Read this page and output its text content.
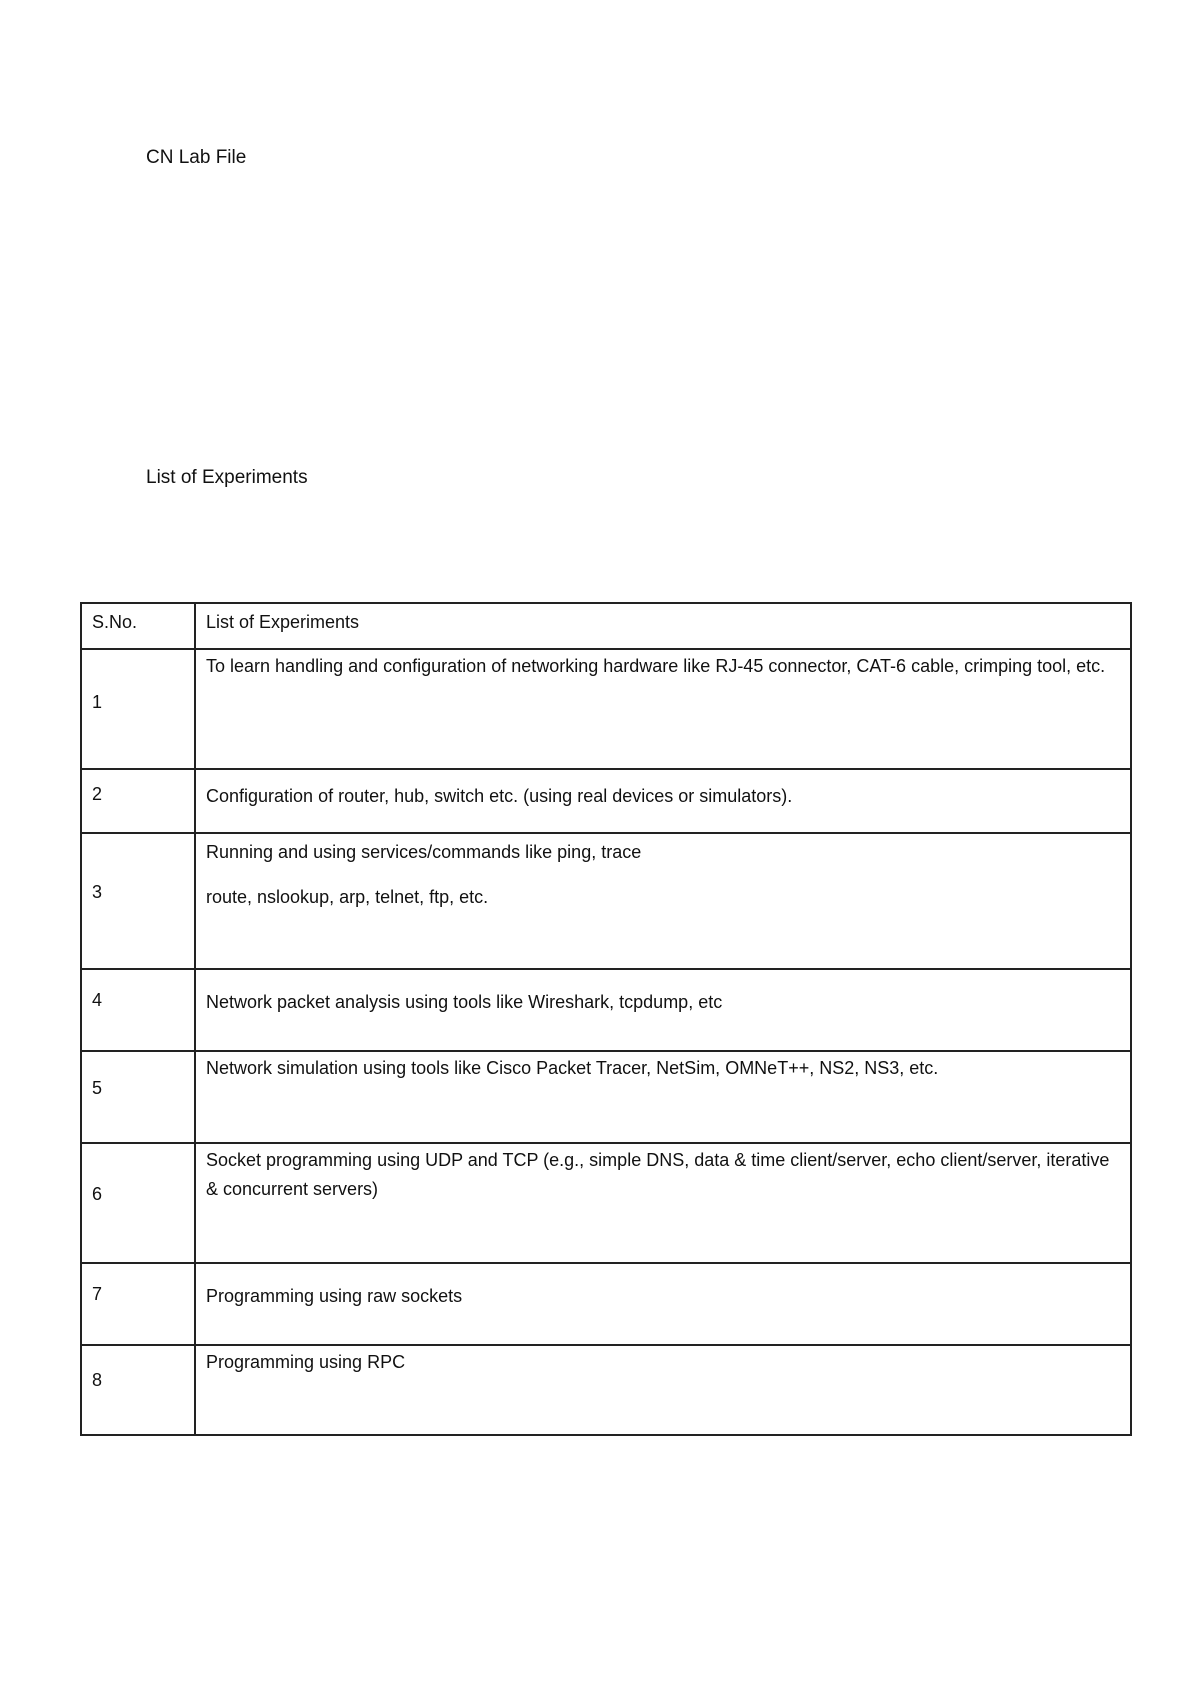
CN Lab File
List of Experiments
S.No.	List of Experiments

1	To learn handling and configuration of networking hardware like RJ-45 connector, CAT-6 cable, crimping tool, etc.

2	Configuration of router, hub, switch etc. (using real devices or simulators).

3	Running and using services/commands like ping, trace
route, nslookup, arp, telnet, ftp, etc.

4	Network packet analysis using tools like Wireshark, tcpdump, etc

5	Network simulation using tools like Cisco Packet Tracer, NetSim, OMNeT++, NS2, NS3, etc.

6	Socket programming using UDP and TCP (e.g., simple DNS, data & time client/server, echo client/server, iterative & concurrent servers)

7	Programming using raw sockets

8	Programming using RPC
